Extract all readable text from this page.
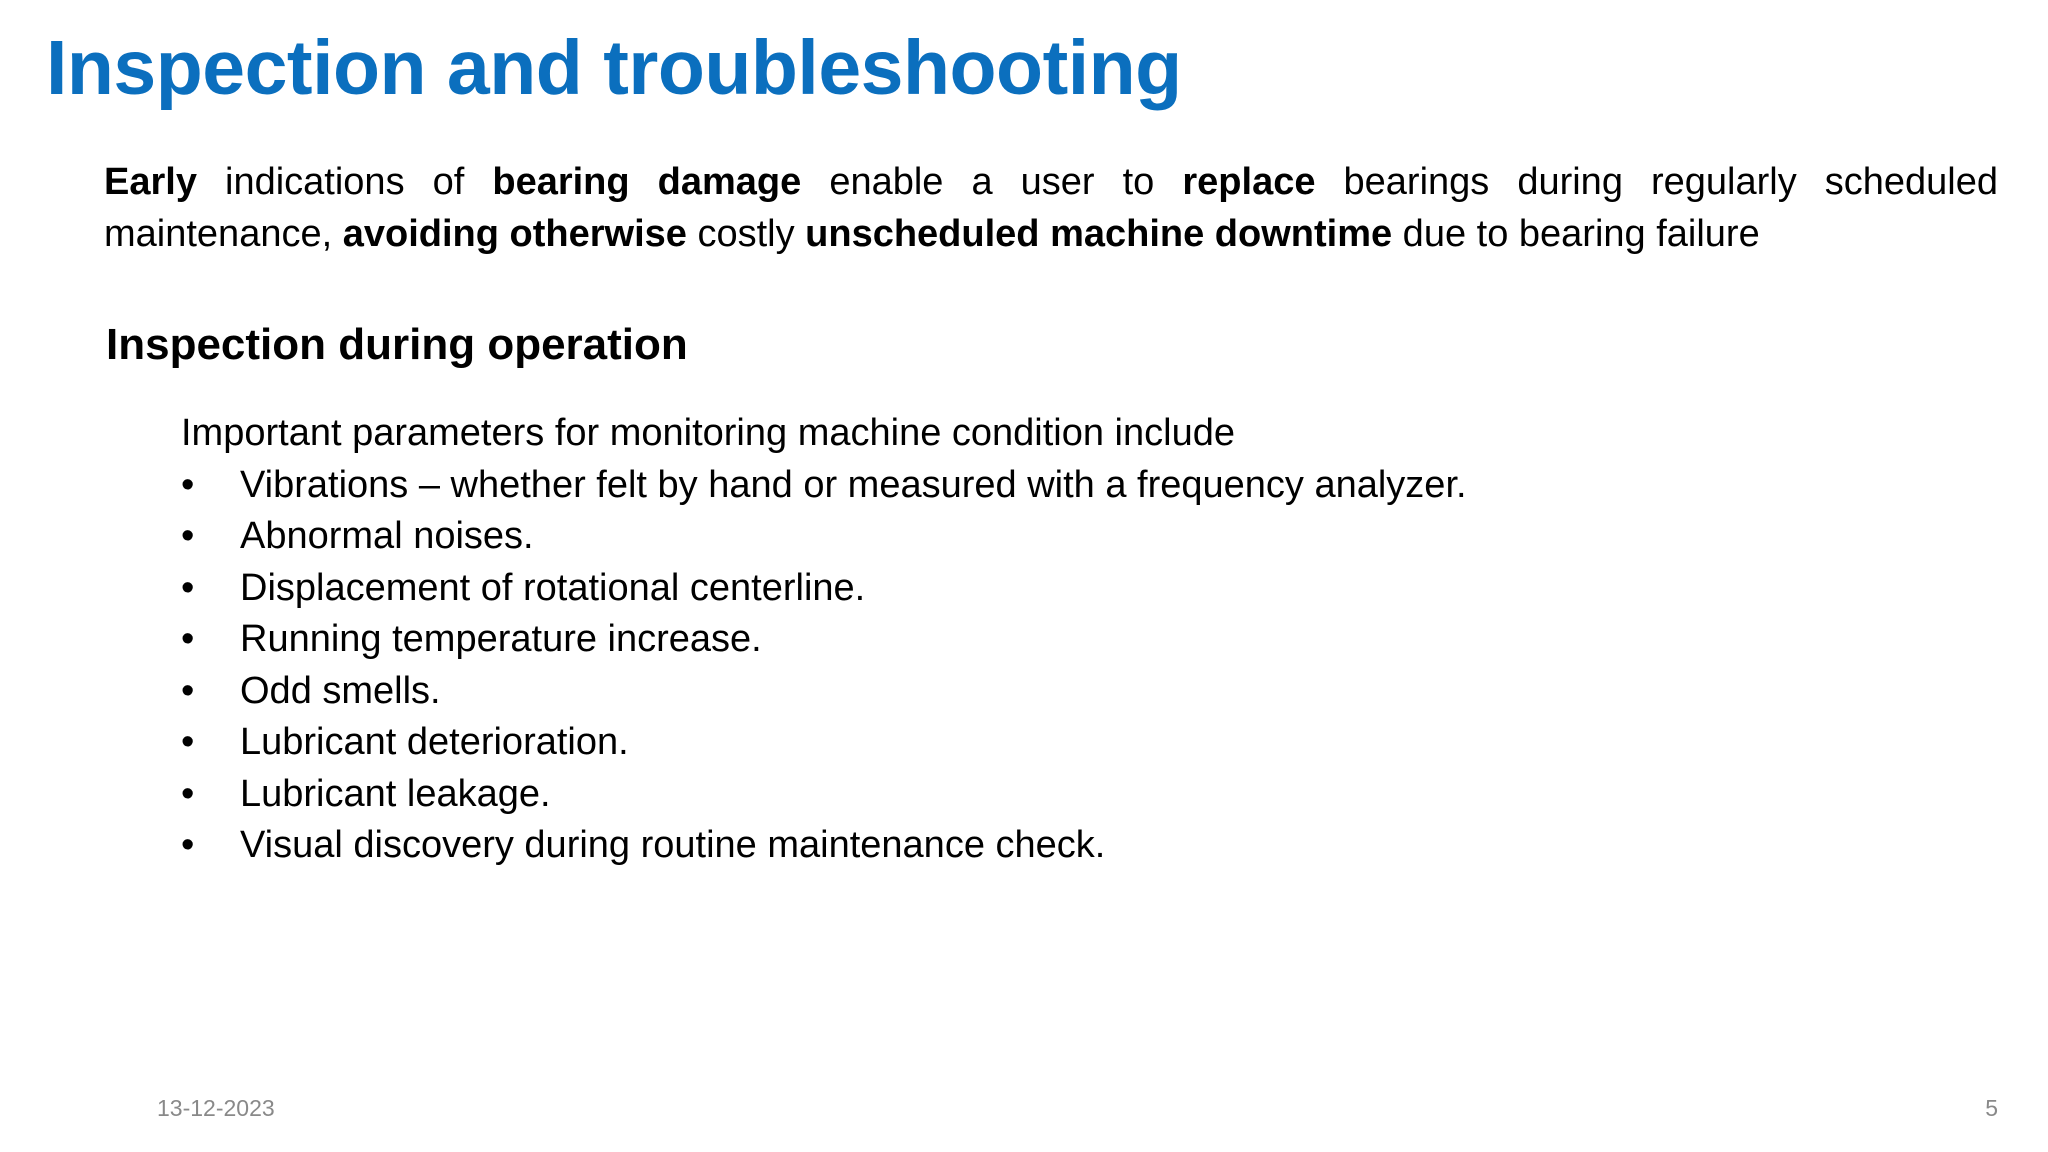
Inspection and troubleshooting
Early indications of bearing damage enable a user to replace bearings during regularly scheduled maintenance, avoiding otherwise costly unscheduled machine downtime due to bearing failure
Inspection during operation
Important parameters for monitoring machine condition include
•	Vibrations – whether felt by hand or measured with a frequency analyzer.
•	Abnormal noises.
•	Displacement of rotational centerline.
•	Running temperature increase.
•	Odd smells.
•	Lubricant deterioration.
•	Lubricant leakage.
•	Visual discovery during routine maintenance check.
13-12-2023	5
